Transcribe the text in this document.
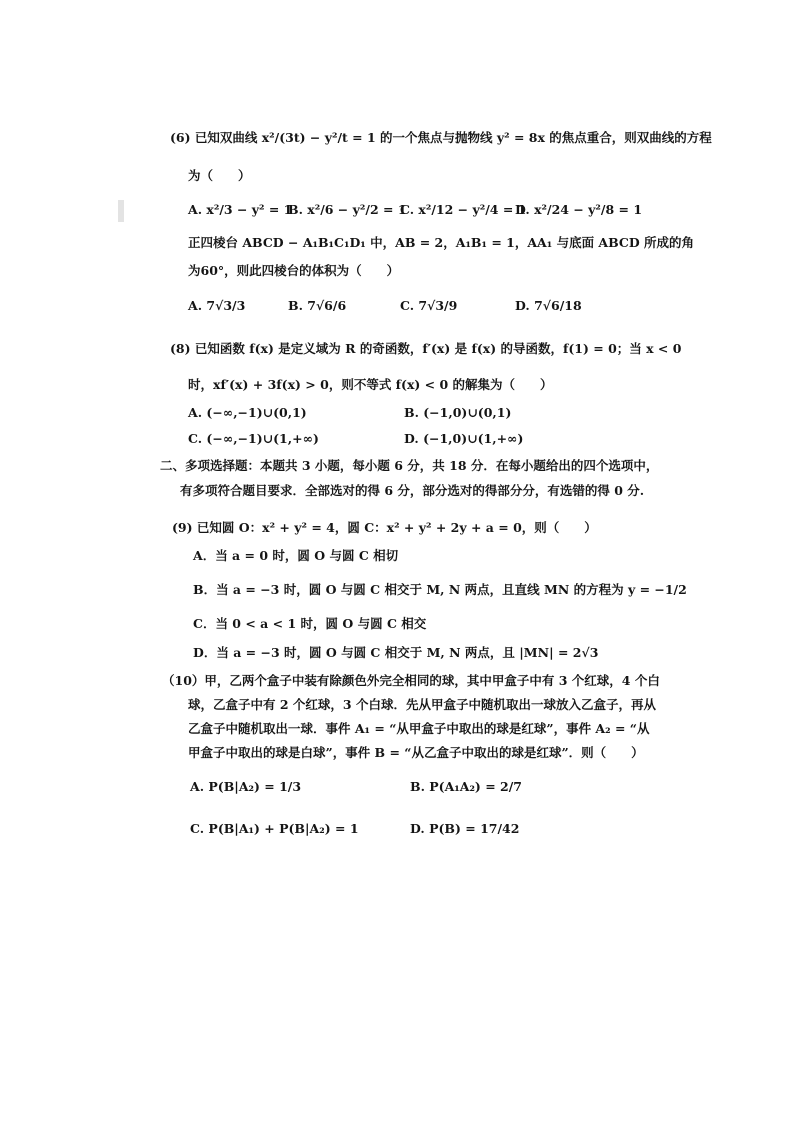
(6) 已知双曲线 x²/(3t) − y²/t = 1 的一个焦点与抛物线 y² = 8x 的焦点重合，则双曲线的方程
为（　　）
A. x²/3 − y² = 1
B. x²/6 − y²/2 = 1
C. x²/12 − y²/4 = 1
D. x²/24 − y²/8 = 1
正四棱台 ABCD − A₁B₁C₁D₁ 中，AB = 2，A₁B₁ = 1，AA₁ 与底面 ABCD 所成的角
为60°，则此四棱台的体积为（　　）
A. 7√3/3	B. 7√6/6	C. 7√3/9	D. 7√6/18
(8) 已知函数 f(x) 是定义域为 R 的奇函数，f′(x) 是 f(x) 的导函数，f(1) = 0；当 x < 0
时，xf′(x) + 3f(x) > 0，则不等式 f(x) < 0 的解集为（　　）
A. (−∞,−1)∪(0,1)	B. (−1,0)∪(0,1)
C. (−∞,−1)∪(1,+∞)	D. (−1,0)∪(1,+∞)
二、多项选择题：本题共 3 小题，每小题 6 分，共 18 分．在每小题给出的四个选项中，
有多项符合题目要求．全部选对的得 6 分，部分选对的得部分分，有选错的得 0 分.
(9) 已知圆 O：x² + y² = 4，圆 C：x² + y² + 2y + a = 0，则（　　）
A．当 a = 0 时，圆 O 与圆 C 相切
B．当 a = −3 时，圆 O 与圆 C 相交于 M, N 两点，且直线 MN 的方程为 y = −1/2
C．当 0 < a < 1 时，圆 O 与圆 C 相交
D．当 a = −3 时，圆 O 与圆 C 相交于 M, N 两点，且 |MN| = 2√3
（10）甲，乙两个盒子中装有除颜色外完全相同的球，其中甲盒子中有 3 个红球，4 个白
球，乙盒子中有 2 个红球，3 个白球．先从甲盒子中随机取出一球放入乙盒子，再从
乙盒子中随机取出一球．事件 A₁ = “从甲盒子中取出的球是红球”，事件 A₂ = “从
甲盒子中取出的球是白球”，事件 B = “从乙盒子中取出的球是红球”．则（　　）
A. P(B|A₂) = 1/3	B. P(A₁A₂) = 2/7
C. P(B|A₁) + P(B|A₂) = 1	D. P(B) = 17/42
